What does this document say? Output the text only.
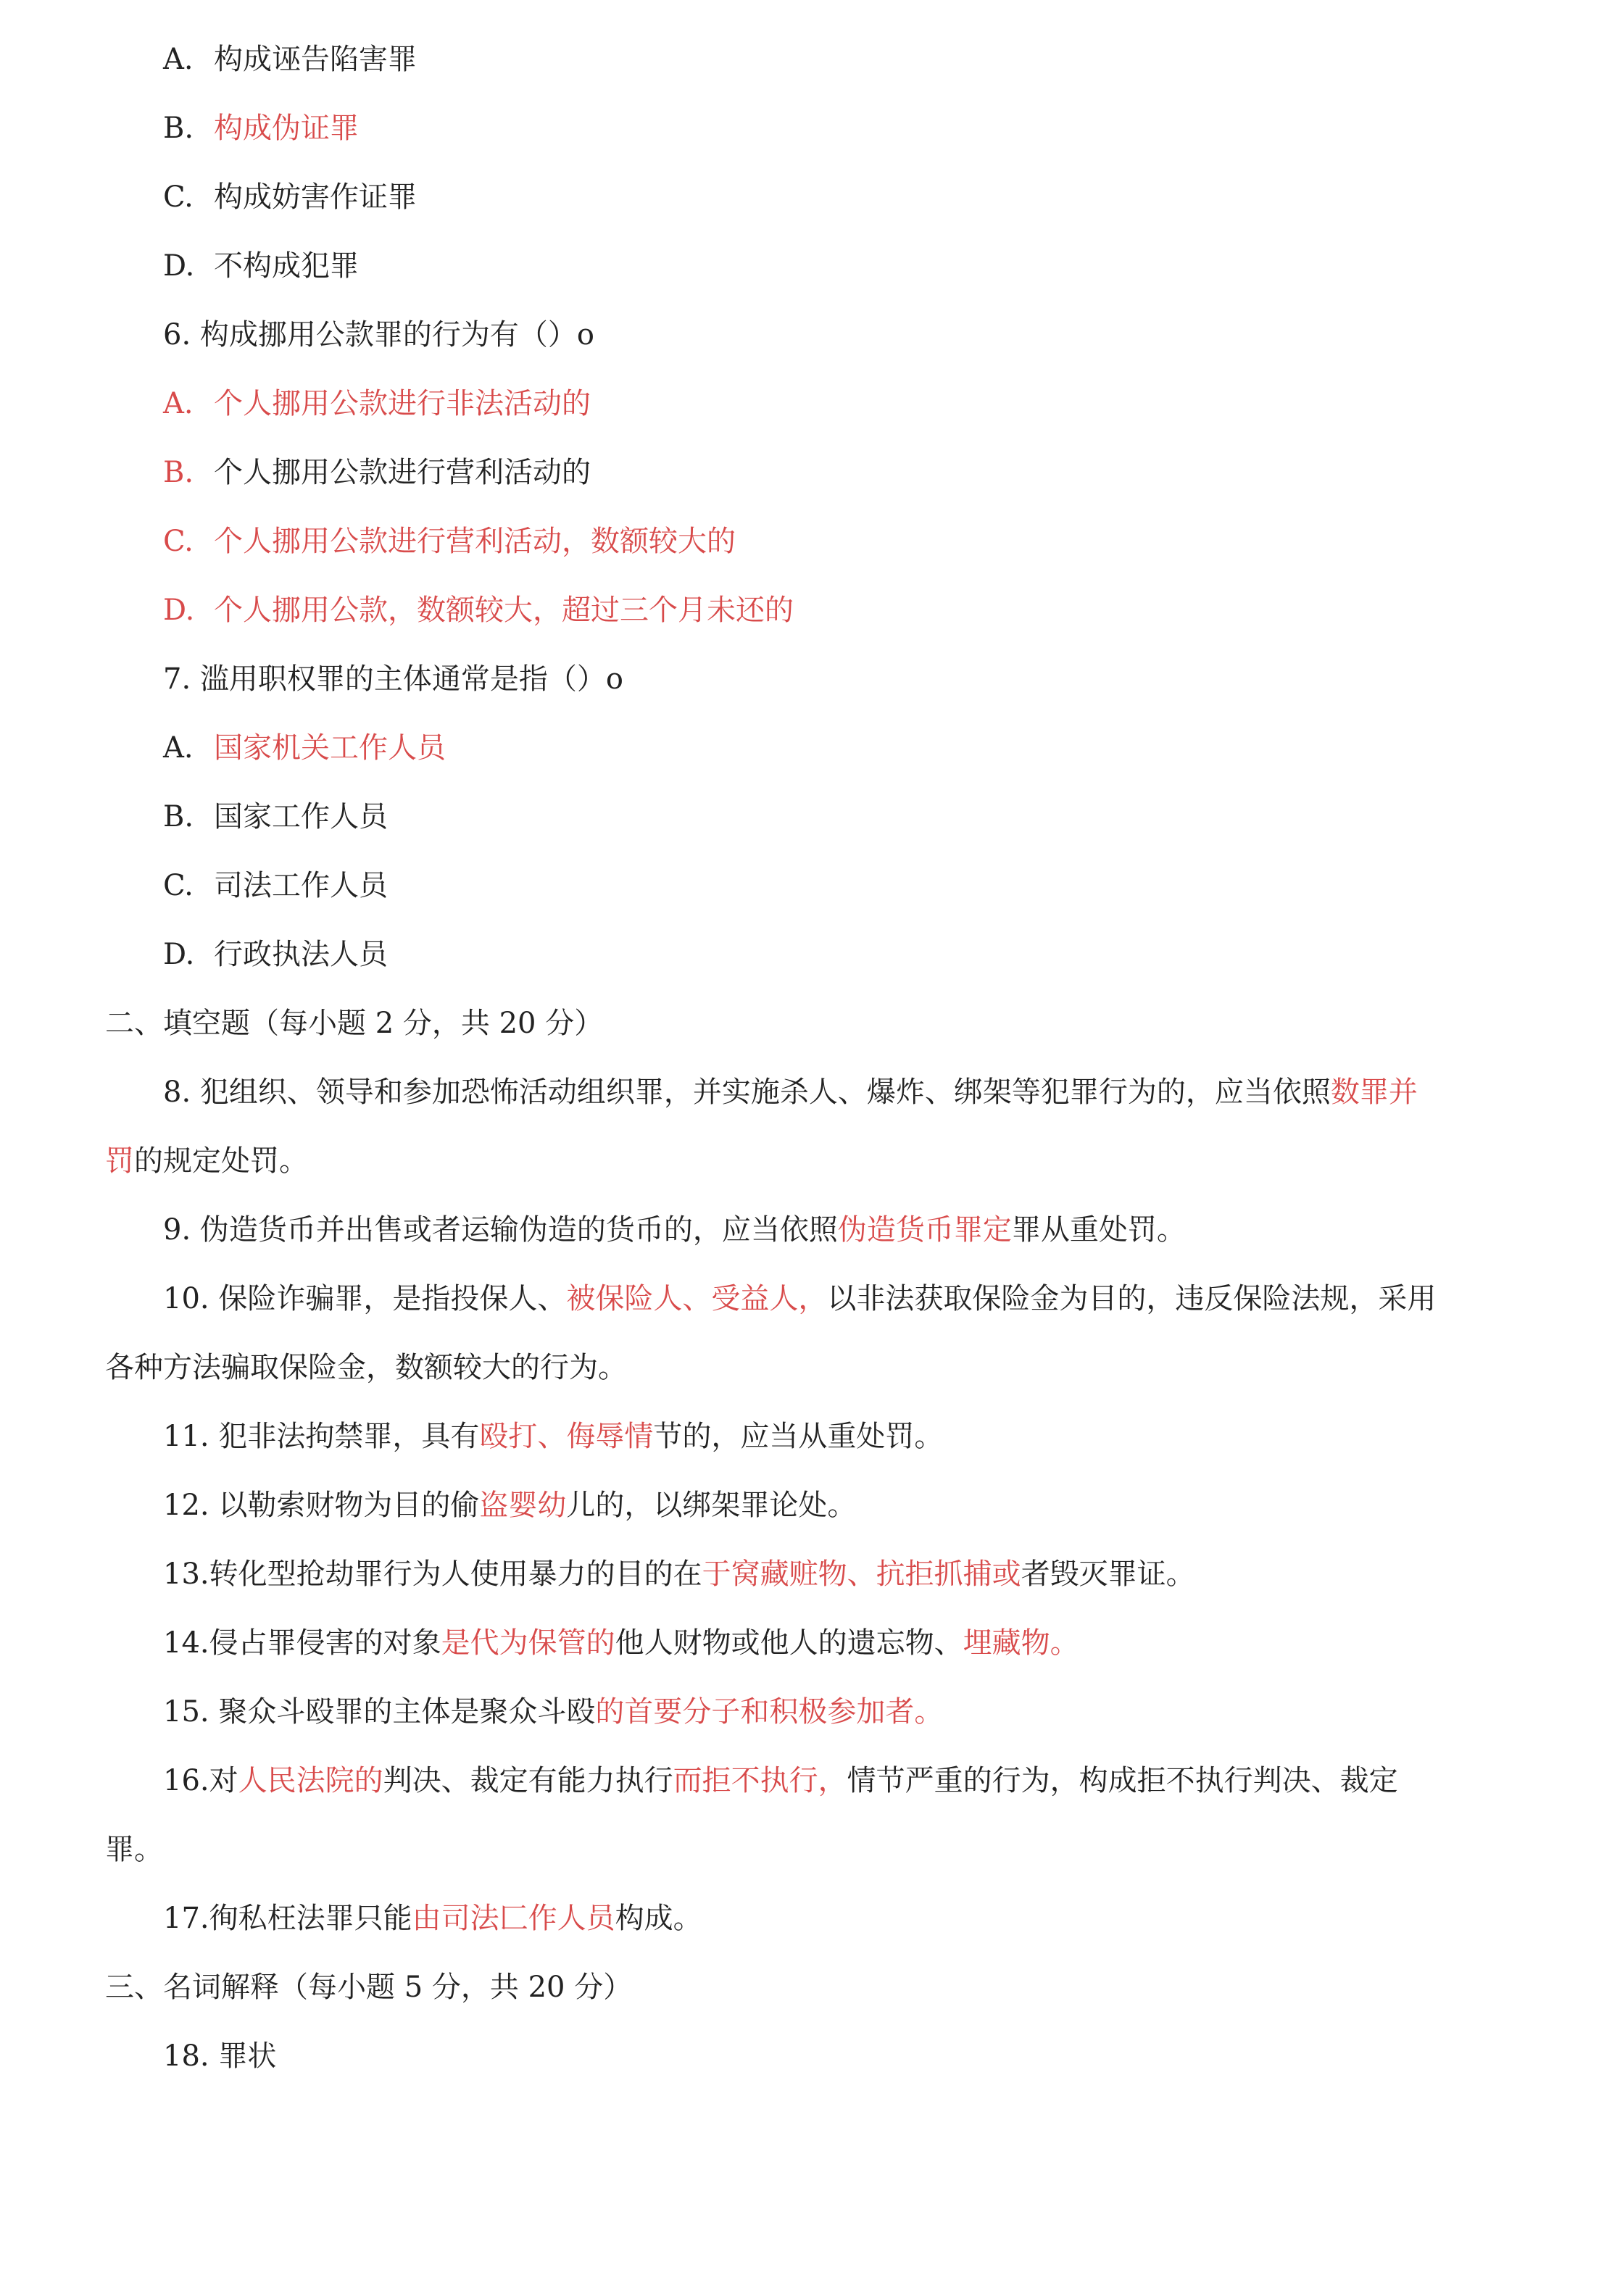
A. 构成诬告陷害罪
B. 构成伪证罪
C. 构成妨害作证罪
D. 不构成犯罪
6. 构成挪用公款罪的行为有（）o
A. 个人挪用公款进行非法活动的
B. 个人挪用公款进行营利活动的
C. 个人挪用公款进行营利活动，数额较大的
D. 个人挪用公款，数额较大，超过三个月未还的
7. 滥用职权罪的主体通常是指（）o
A. 国家机关工作人员
B. 国家工作人员
C. 司法工作人员
D. 行政执法人员
二、填空题（每小题 2 分，共 20 分）
8. 犯组织、领导和参加恐怖活动组织罪，并实施杀人、爆炸、绑架等犯罪行为的，应当依照数罪并
罚的规定处罚。
9. 伪造货币并出售或者运输伪造的货币的，应当依照伪造货币罪定罪从重处罚。
10. 保险诈骗罪，是指投保人、被保险人、受益人，以非法获取保险金为目的，违反保险法规，采用
各种方法骗取保险金，数额较大的行为。
11. 犯非法拘禁罪，具有殴打、侮辱情节的，应当从重处罚。
12. 以勒索财物为目的偷盗婴幼儿的，以绑架罪论处。
13.转化型抢劫罪行为人使用暴力的目的在于窝藏赃物、抗拒抓捕或者毁灭罪证。
14.侵占罪侵害的对象是代为保管的他人财物或他人的遗忘物、埋藏物。
15. 聚众斗殴罪的主体是聚众斗殴的首要分子和积极参加者。
16.对人民法院的判决、裁定有能力执行而拒不执行，情节严重的行为，构成拒不执行判决、裁定
罪。
17.徇私枉法罪只能由司法匚作人员构成。
三、名词解释（每小题 5 分，共 20 分）
18. 罪状
